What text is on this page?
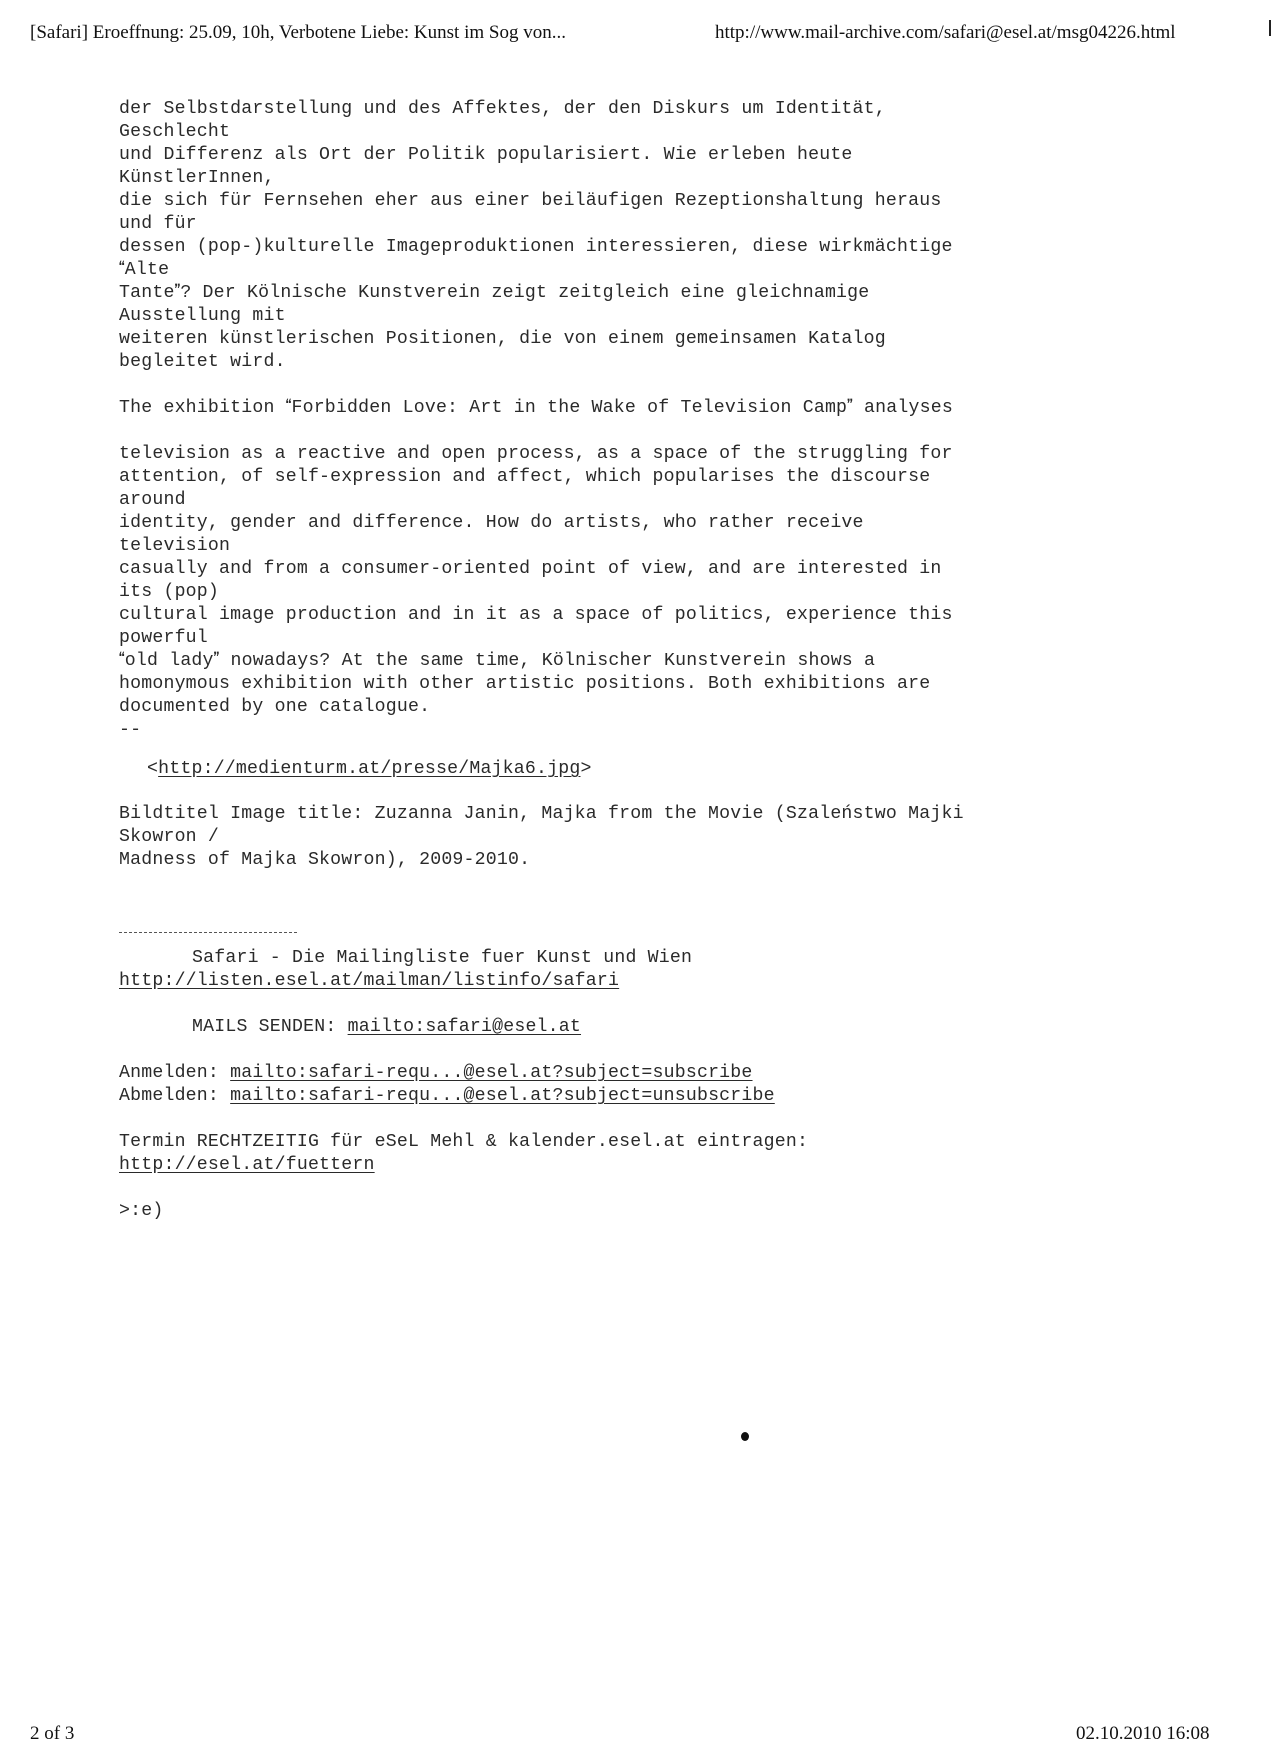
[Safari] Eroeffnung: 25.09, 10h, Verbotene Liebe: Kunst im Sog von...	http://www.mail-archive.com/safari@esel.at/msg04226.html
der Selbstdarstellung und des Affektes, der den Diskurs um Identität,
Geschlecht
und Differenz als Ort der Politik popularisiert. Wie erleben heute
KünstlerInnen,
die sich für Fernsehen eher aus einer beiläufigen Rezeptionshaltung heraus
und für
dessen (pop-)kulturelle Imageproduktionen interessieren, diese wirkmächtige
Alte
Tante? Der Kölnische Kunstverein zeigt zeitgleich eine gleichnamige
Ausstellung mit
weiteren künstlerischen Positionen, die von einem gemeinsamen Katalog
begleitet wird.
The exhibition Forbidden Love: Art in the Wake of Television Camp analyses
television as a reactive and open process, as a space of the struggling for
attention, of self-expression and affect, which popularises the discourse
around
identity, gender and difference. How do artists, who rather receive
television
casually and from a consumer-oriented point of view, and are interested in
its (pop)
cultural image production and in it as a space of politics, experience this
powerful
old lady nowadays? At the same time, Kölnischer Kunstverein shows a
homonymous exhibition with other artistic positions. Both exhibitions are
documented by one catalogue.
--
<http://medienturm.at/presse/Majka6.jpg>
Bildtitel Image title: Zuzanna Janin, Majka from the Movie (Szaleństwo Majki
Skowron /
Madness of Majka Skowron), 2009-2010.
Safari - Die Mailingliste fuer Kunst und Wien
http://listen.esel.at/mailman/listinfo/safari
MAILS SENDEN: mailto:safari@esel.at
Anmelden: mailto:safari-requ...@esel.at?subject=subscribe
Abmelden: mailto:safari-requ...@esel.at?subject=unsubscribe
Termin RECHTZEITIG für eSeL Mehl & kalender.esel.at eintragen:
http://esel.at/fuettern
>:e)
2 of 3	02.10.2010 16:08
